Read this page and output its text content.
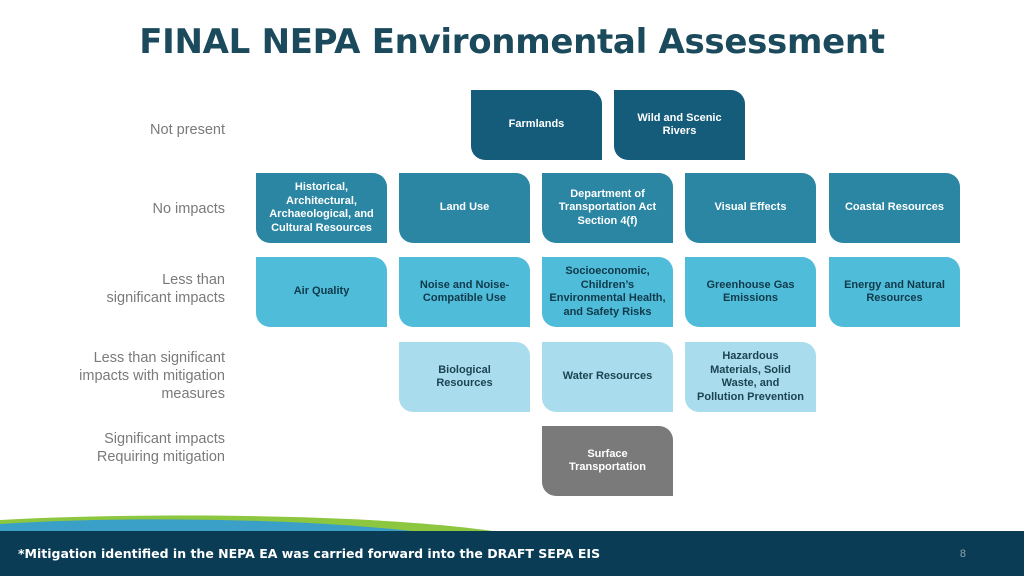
FINAL NEPA Environmental Assessment
Not present
No impacts
Less than
significant impacts
Less than significant
impacts with mitigation
measures
Significant impacts
Requiring mitigation
Farmlands
Wild and Scenic
Rivers
Historical,
Architectural,
Archaeological, and
Cultural Resources
Land Use
Department of
Transportation Act
Section 4(f)
Visual Effects	Coastal Resources
Air Quality
Noise and Noise-
Compatible Use
Socioeconomic,
Children’s
Environmental Health,
and Safety Risks
Greenhouse Gas
Emissions
Energy and Natural
Resources
Biological
Resources
Water Resources
Hazardous
Materials, Solid
Waste, and
Pollution Prevention
Surface
Transportation
*Mitigation identified in the NEPA EA was carried forward into the DRAFT SEPA EIS	8
